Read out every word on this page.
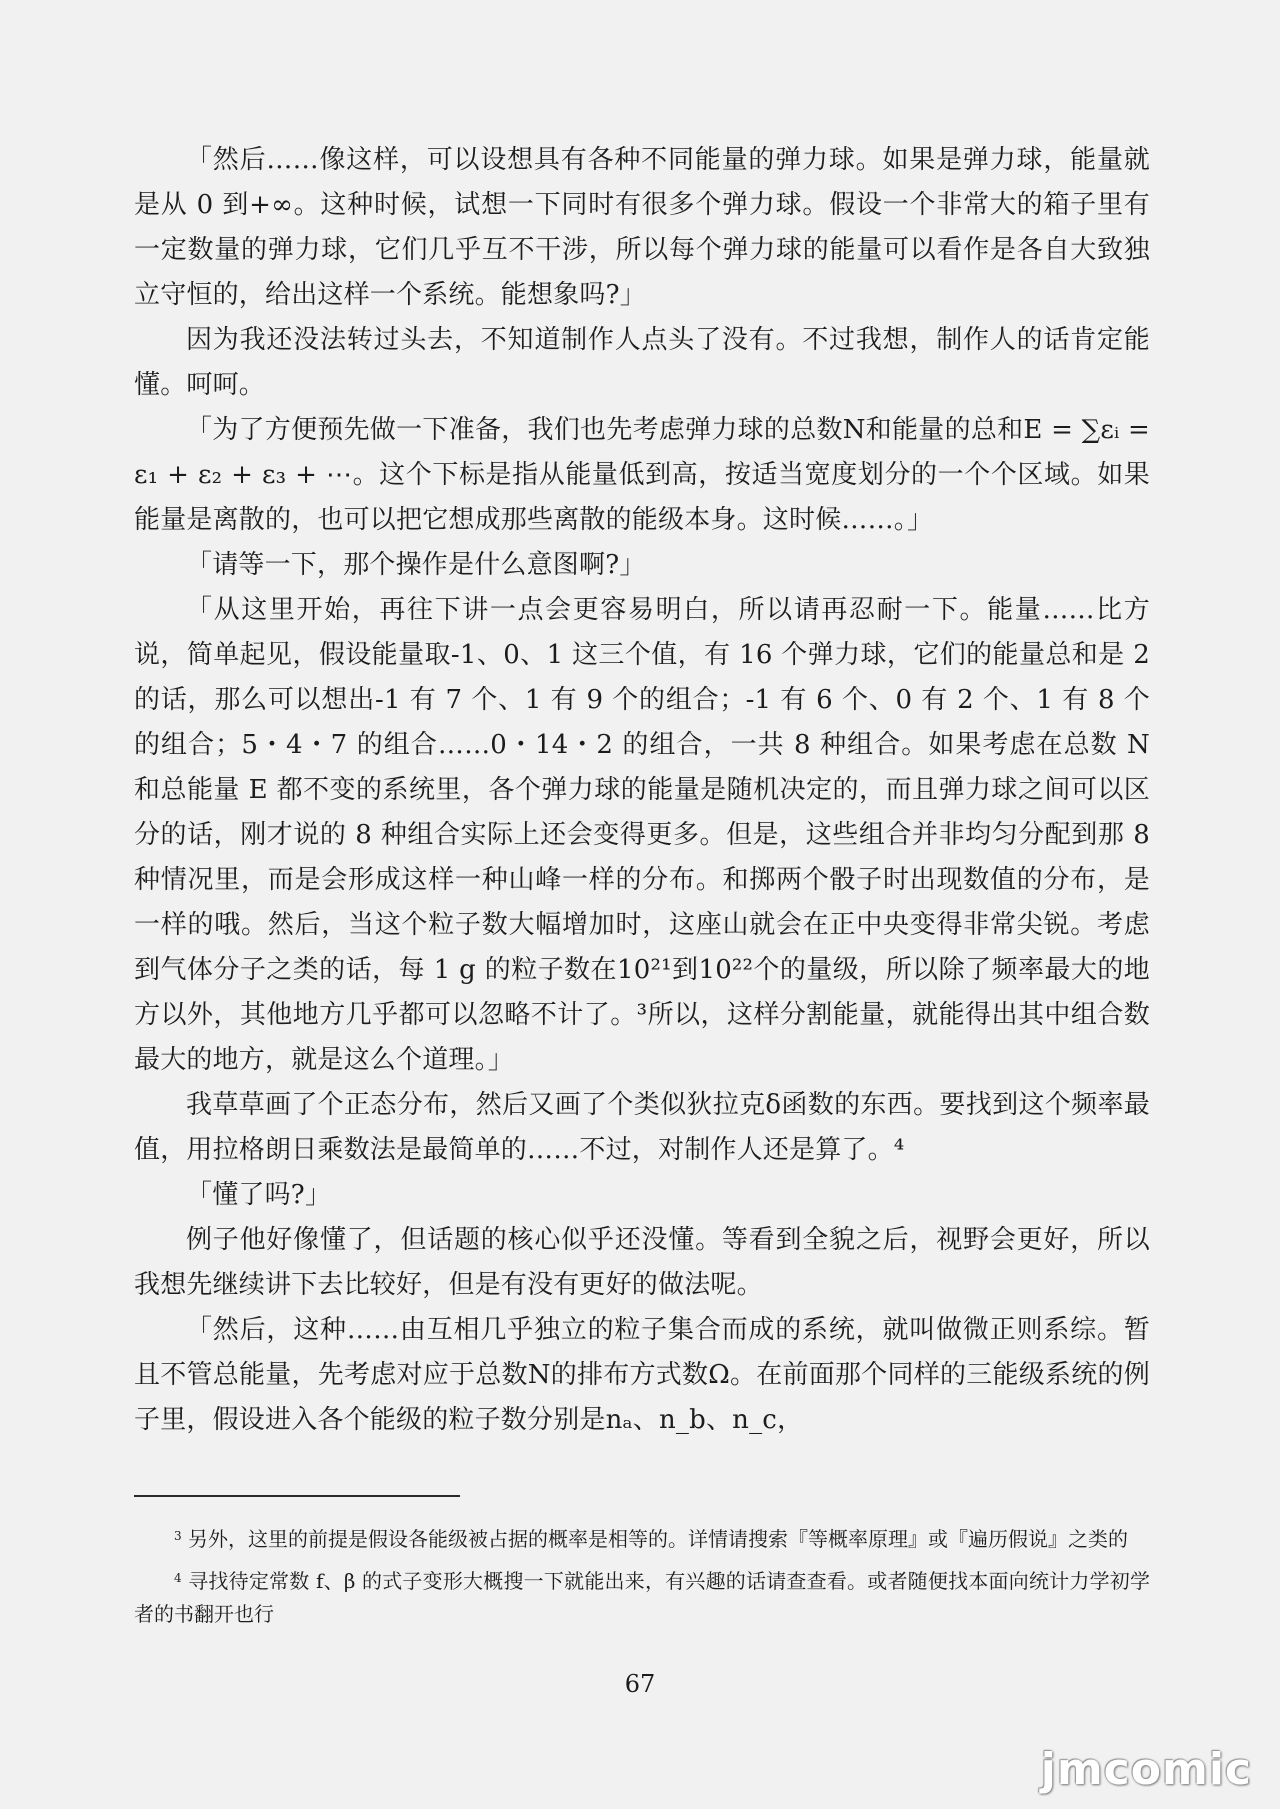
「然后……像这样，可以设想具有各种不同能量的弹力球。如果是弹力球，能量就是从 0 到+∞。这种时候，试想一下同时有很多个弹力球。假设一个非常大的箱子里有一定数量的弹力球，它们几乎互不干涉，所以每个弹力球的能量可以看作是各自大致独立守恒的，给出这样一个系统。能想象吗?」

因为我还没法转过头去，不知道制作人点头了没有。不过我想，制作人的话肯定能懂。呵呵。

「为了方便预先做一下准备，我们也先考虑弹力球的总数N和能量的总和E = ∑εᵢ = ε₁ + ε₂ + ε₃ + ⋯。这个下标是指从能量低到高，按适当宽度划分的一个个区域。如果能量是离散的，也可以把它想成那些离散的能级本身。这时候……。」

「请等一下，那个操作是什么意图啊?」

「从这里开始，再往下讲一点会更容易明白，所以请再忍耐一下。能量……比方说，简单起见，假设能量取-1、0、1 这三个值，有 16 个弹力球，它们的能量总和是 2 的话，那么可以想出-1 有 7 个、1 有 9 个的组合；-1 有 6 个、0 有 2 个、1 有 8 个的组合；5・4・7 的组合……0・14・2 的组合，一共 8 种组合。如果考虑在总数 N 和总能量 E 都不变的系统里，各个弹力球的能量是随机决定的，而且弹力球之间可以区分的话，刚才说的 8 种组合实际上还会变得更多。但是，这些组合并非均匀分配到那 8 种情况里，而是会形成这样一种山峰一样的分布。和掷两个骰子时出现数值的分布，是一样的哦。然后，当这个粒子数大幅增加时，这座山就会在正中央变得非常尖锐。考虑到气体分子之类的话，每 1 g 的粒子数在10²¹到10²²个的量级，所以除了频率最大的地方以外，其他地方几乎都可以忽略不计了。³所以，这样分割能量，就能得出其中组合数最大的地方，就是这么个道理。」

我草草画了个正态分布，然后又画了个类似狄拉克δ函数的东西。要找到这个频率最值，用拉格朗日乘数法是最简单的……不过，对制作人还是算了。⁴

「懂了吗?」

例子他好像懂了，但话题的核心似乎还没懂。等看到全貌之后，视野会更好，所以我想先继续讲下去比较好，但是有没有更好的做法呢。

「然后，这种……由互相几乎独立的粒子集合而成的系统，就叫做微正则系综。暂且不管总能量，先考虑对应于总数N的排布方式数Ω。在前面那个同样的三能级系统的例子里，假设进入各个能级的粒子数分别是nₐ、n_b、n_c，

$^3$ 另外，这里的前提是假设各能级被占据的概率是相等的。详情请搜索『等概率原理』或『遍历假说』之类的

$^4$ 寻找待定常数 f、β 的式子变形大概搜一下就能出来，有兴趣的话请查查看。或者随便找本面向统计力学初学者的书翻开也行

67
jmcomic
